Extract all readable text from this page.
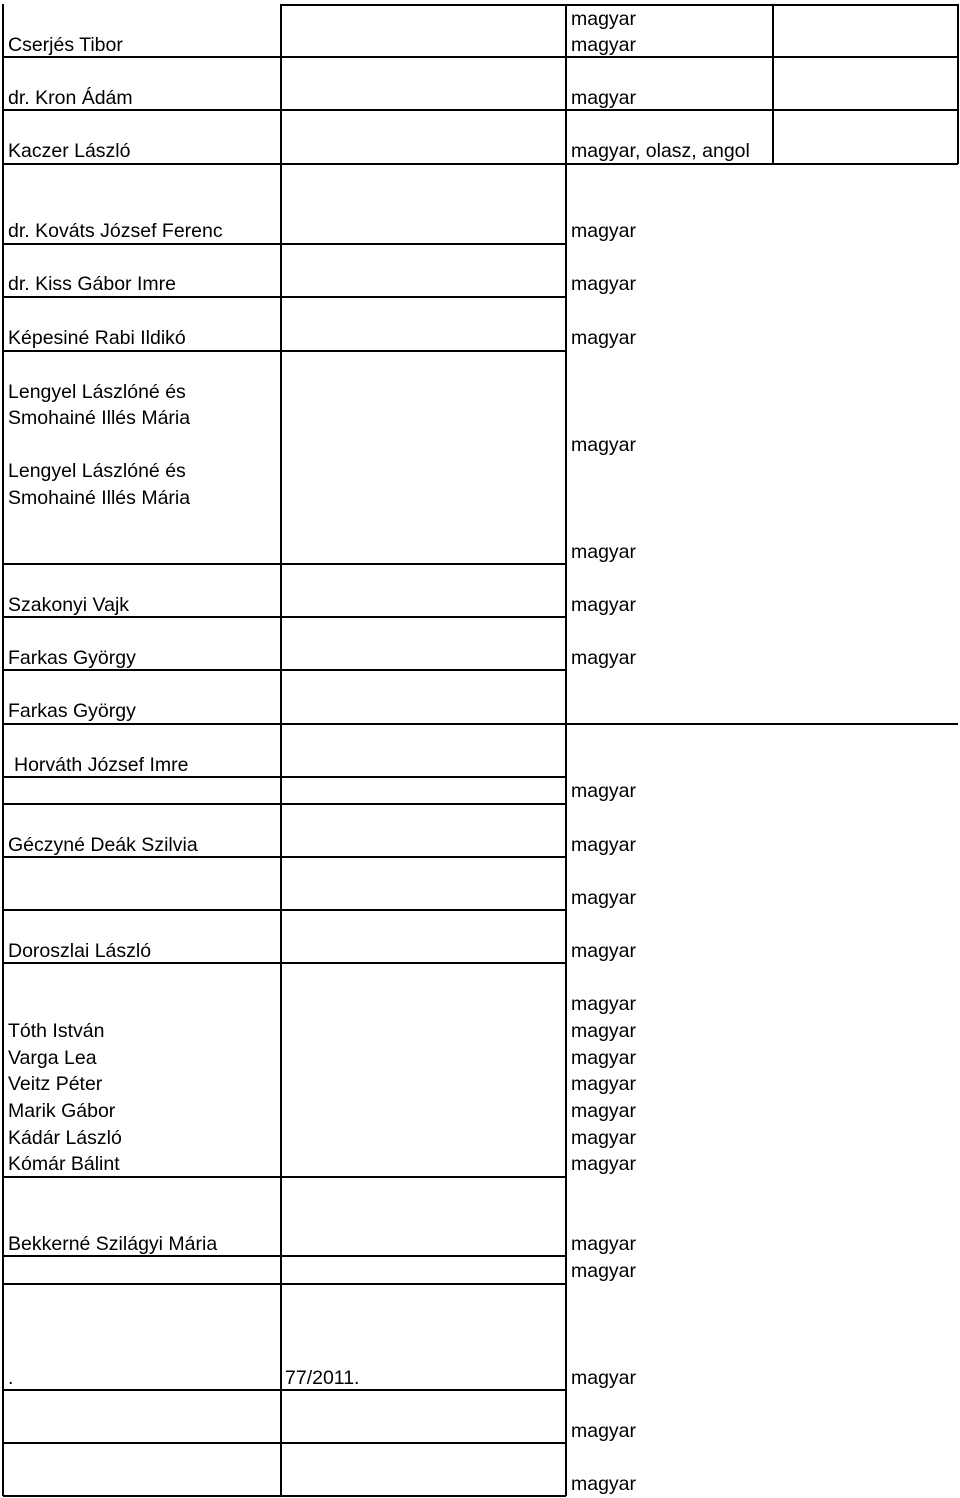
Cserjés Tibor
dr. Kron Ádám
Kaczer László
dr. Kováts József Ferenc
dr. Kiss Gábor Imre
Képesiné Rabi Ildikó
Lengyel Lászlóné és
Smohainé Illés Mária
Lengyel Lászlóné és
Smohainé Illés Mária
Szakonyi Vajk
Farkas György
Farkas György
Horváth József Imre
Géczyné Deák Szilvia
Doroszlai László
Tóth István
Varga Lea
Veitz Péter
Marik Gábor
Kádár László
Kómár Bálint
Bekkerné Szilágyi Mária
.	77/2011.
magyar
magyar
magyar
magyar, olasz, angol
magyar
magyar
magyar
magyar
magyar
magyar
magyar
magyar
magyar
magyar
magyar
magyar
magyar
magyar
magyar
magyar
magyar
magyar
magyar
magyar
magyar
magyar
magyar
